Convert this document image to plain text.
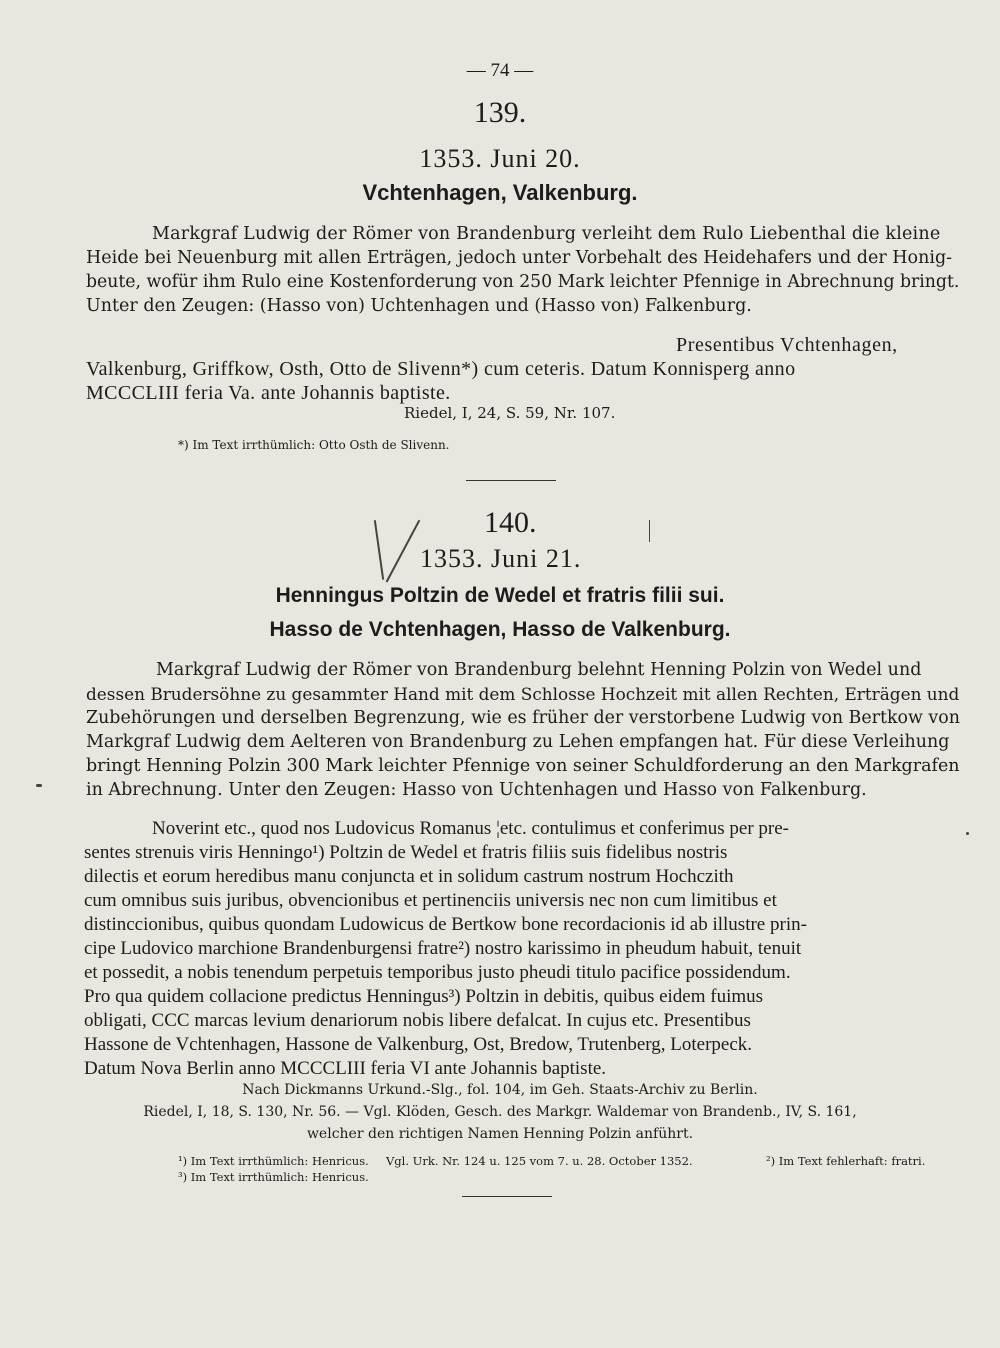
— 74 —
139.
1353. Juni 20.
Vchtenhagen, Valkenburg.
Markgraf Ludwig der Römer von Brandenburg verleiht dem Rulo Liebenthal die kleine
Heide bei Neuenburg mit allen Erträgen, jedoch unter Vorbehalt des Heidehafers und der Honig-
beute, wofür ihm Rulo eine Kostenforderung von 250 Mark leichter Pfennige in Abrechnung bringt.
Unter den Zeugen: (Hasso von) Uchtenhagen und (Hasso von) Falkenburg.
Presentibus Vchtenhagen,
Valkenburg, Griffkow, Osth, Otto de Slivenn*) cum ceteris. Datum Konnisperg anno
MCCCLIII feria Va. ante Johannis baptiste.
Riedel, I, 24, S. 59, Nr. 107.
*) Im Text irrthümlich: Otto Osth de Slivenn.
140.
1353. Juni 21.
Henningus Poltzin de Wedel et fratris filii sui.
Hasso de Vchtenhagen, Hasso de Valkenburg.
Markgraf Ludwig der Römer von Brandenburg belehnt Henning Polzin von Wedel und
dessen Brudersöhne zu gesammter Hand mit dem Schlosse Hochzeit mit allen Rechten, Erträgen und
Zubehörungen und derselben Begrenzung, wie es früher der verstorbene Ludwig von Bertkow von
Markgraf Ludwig dem Aelteren von Brandenburg zu Lehen empfangen hat. Für diese Verleihung
bringt Henning Polzin 300 Mark leichter Pfennige von seiner Schuldforderung an den Markgrafen
in Abrechnung. Unter den Zeugen: Hasso von Uchtenhagen und Hasso von Falkenburg.
Noverint etc., quod nos Ludovicus Romanus ¦etc. contulimus et conferimus per pre-
sentes strenuis viris Henningo¹) Poltzin de Wedel et fratris filiis suis fidelibus nostris
dilectis et eorum heredibus manu conjuncta et in solidum castrum nostrum Hochczith
cum omnibus suis juribus, obvencionibus et pertinenciis universis nec non cum limitibus et
distinccionibus, quibus quondam Ludowicus de Bertkow bone recordacionis id ab illustre prin-
cipe Ludovico marchione Brandenburgensi fratre²) nostro karissimo in pheudum habuit, tenuit
et possedit, a nobis tenendum perpetuis temporibus justo pheudi titulo pacifice possidendum.
Pro qua quidem collacione predictus Henningus³) Poltzin in debitis, quibus eidem fuimus
obligati, CCC marcas levium denariorum nobis libere defalcat. In cujus etc. Presentibus
Hassone de Vchtenhagen, Hassone de Valkenburg, Ost, Bredow, Trutenberg, Loterpeck.
Datum Nova Berlin anno MCCCLIII feria VI ante Johannis baptiste.
Nach Dickmanns Urkund.-Slg., fol. 104, im Geh. Staats-Archiv zu Berlin.
Riedel, I, 18, S. 130, Nr. 56. — Vgl. Klöden, Gesch. des Markgr. Waldemar von Brandenb., IV, S. 161,
welcher den richtigen Namen Henning Polzin anführt.
¹) Im Text irrthümlich: Henricus. Vgl. Urk. Nr. 124 u. 125 vom 7. u. 28. October 1352.	²) Im Text fehlerhaft: fratri.
³) Im Text irrthümlich: Henricus.
